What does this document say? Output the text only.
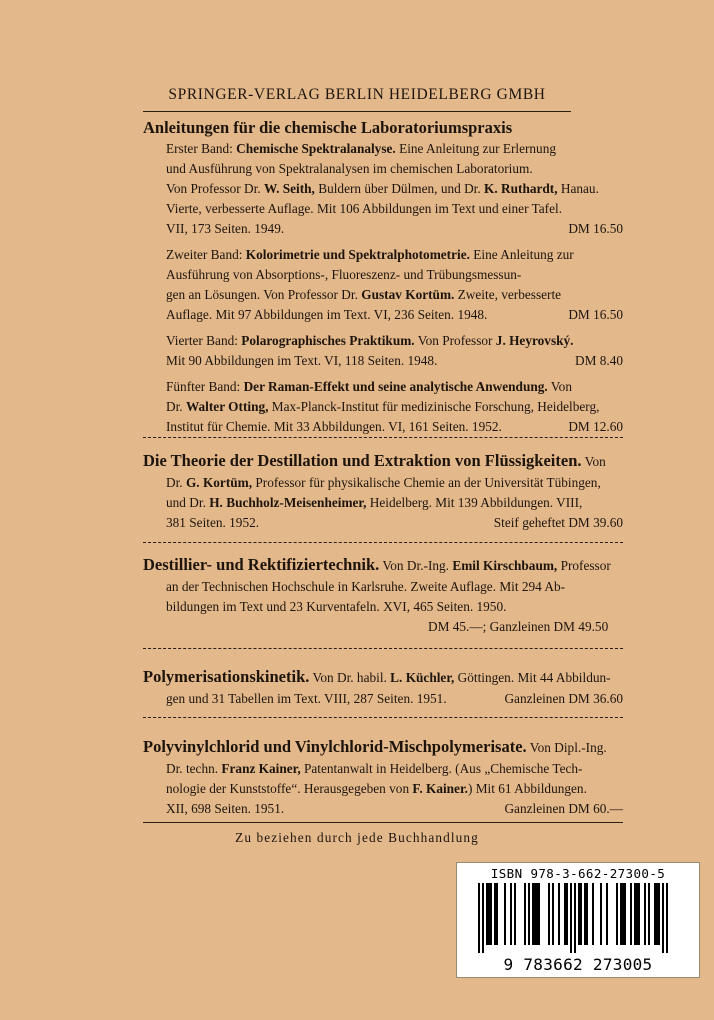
SPRINGER-VERLAG BERLIN HEIDELBERG GMBH
Anleitungen für die chemische Laboratoriumspraxis
Erster Band: Chemische Spektralanalyse. Eine Anleitung zur Erlernung
und Ausführung von Spektralanalysen im chemischen Laboratorium.
Von Professor Dr. W. Seith, Buldern über Dülmen, und Dr. K. Ruthardt, Hanau.
Vierte, verbesserte Auflage. Mit 106 Abbildungen im Text und einer Tafel.
VII, 173 Seiten. 1949.	DM 16.50
Zweiter Band: Kolorimetrie und Spektralphotometrie. Eine Anleitung zur
Ausführung von Absorptions-, Fluoreszenz- und Trübungsmessun-
gen an Lösungen. Von Professor Dr. Gustav Kortüm. Zweite, verbesserte
Auflage. Mit 97 Abbildungen im Text. VI, 236 Seiten. 1948.	DM 16.50
Vierter Band: Polarographisches Praktikum. Von Professor J. Heyrovský.
Mit 90 Abbildungen im Text. VI, 118 Seiten. 1948.	DM 8.40
Fünfter Band: Der Raman-Effekt und seine analytische Anwendung. Von
Dr. Walter Otting, Max-Planck-Institut für medizinische Forschung, Heidelberg,
Institut für Chemie. Mit 33 Abbildungen. VI, 161 Seiten. 1952.	DM 12.60
Die Theorie der Destillation und Extraktion von Flüssigkeiten. Von
Dr. G. Kortüm, Professor für physikalische Chemie an der Universität Tübingen,
und Dr. H. Buchholz-Meisenheimer, Heidelberg. Mit 139 Abbildungen. VIII,
381 Seiten. 1952.	Steif geheftet DM 39.60
Destillier- und Rektifiziertechnik. Von Dr.-Ing. Emil Kirschbaum, Professor
an der Technischen Hochschule in Karlsruhe. Zweite Auflage. Mit 294 Ab-
bildungen im Text und 23 Kurventafeln. XVI, 465 Seiten. 1950.
DM 45.—; Ganzleinen DM 49.50
Polymerisationskinetik. Von Dr. habil. L. Küchler, Göttingen. Mit 44 Abbildun-
gen und 31 Tabellen im Text. VIII, 287 Seiten. 1951.	Ganzleinen DM 36.60
Polyvinylchlorid und Vinylchlorid-Mischpolymerisate. Von Dipl.-Ing.
Dr. techn. Franz Kainer, Patentanwalt in Heidelberg. (Aus „Chemische Tech-
nologie der Kunststoffe“. Herausgegeben von F. Kainer.) Mit 61 Abbildungen.
XII, 698 Seiten. 1951.	Ganzleinen DM 60.—
Zu beziehen durch jede Buchhandlung
ISBN 978-3-662-27300-5
9 783662 273005
